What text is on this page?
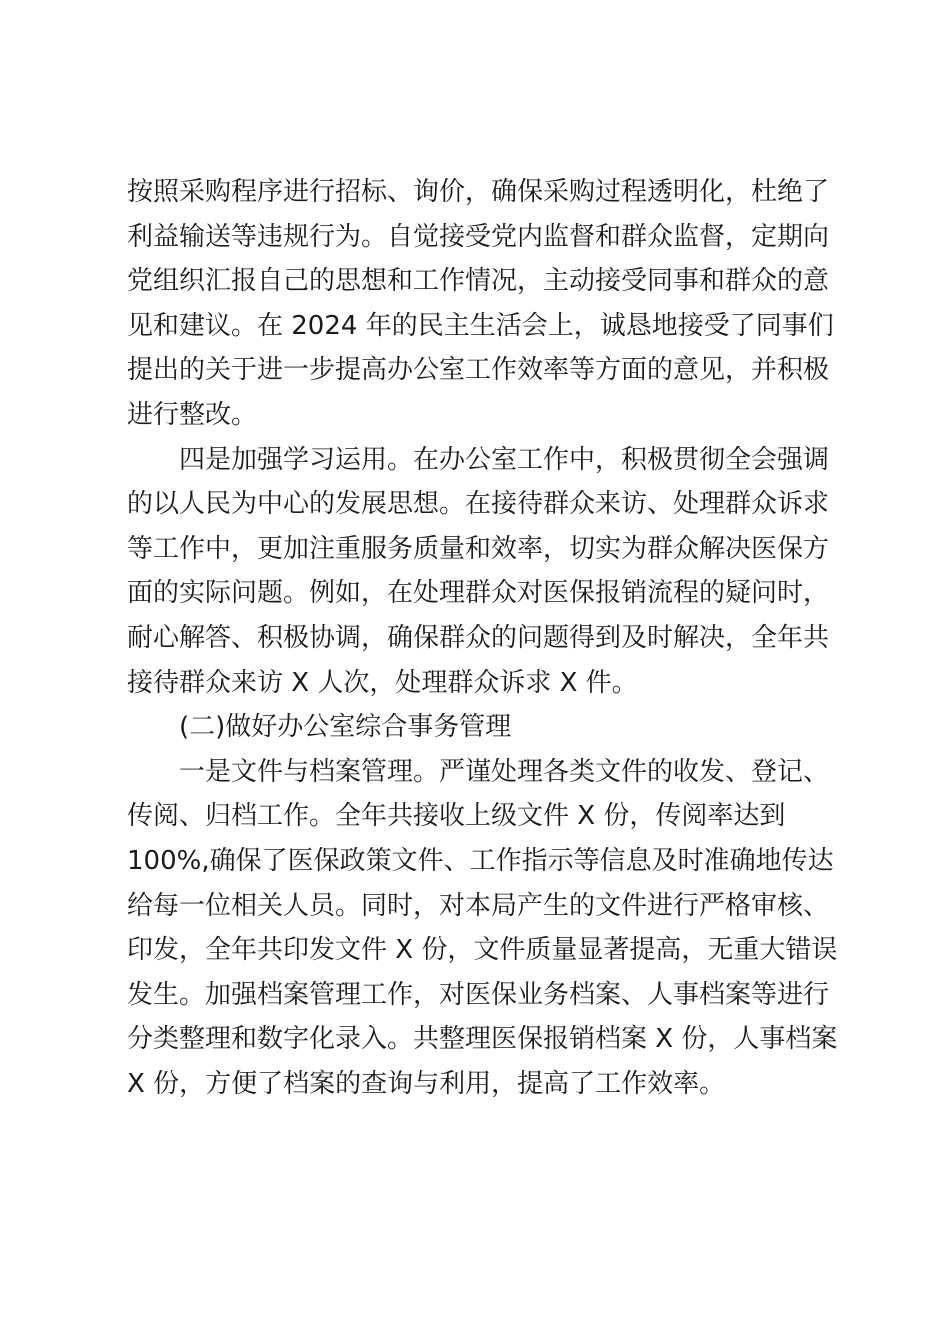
按照采购程序进行招标、询价，确保采购过程透明化，杜绝了
利益输送等违规行为。自觉接受党内监督和群众监督，定期向
党组织汇报自己的思想和工作情况，主动接受同事和群众的意
见和建议。在 2024 年的民主生活会上，诚恳地接受了同事们
提出的关于进一步提高办公室工作效率等方面的意见，并积极
进行整改。
四是加强学习运用。在办公室工作中，积极贯彻全会强调
的以人民为中心的发展思想。在接待群众来访、处理群众诉求
等工作中，更加注重服务质量和效率，切实为群众解决医保方
面的实际问题。例如，在处理群众对医保报销流程的疑问时，
耐心解答、积极协调，确保群众的问题得到及时解决，全年共
接待群众来访 X 人次，处理群众诉求 X 件。
(二)做好办公室综合事务管理
一是文件与档案管理。严谨处理各类文件的收发、登记、
传阅、归档工作。全年共接收上级文件 X 份，传阅率达到
100%,确保了医保政策文件、工作指示等信息及时准确地传达
给每一位相关人员。同时，对本局产生的文件进行严格审核、
印发，全年共印发文件 X 份，文件质量显著提高，无重大错误
发生。加强档案管理工作，对医保业务档案、人事档案等进行
分类整理和数字化录入。共整理医保报销档案 X 份，人事档案
X 份，方便了档案的查询与利用，提高了工作效率。
